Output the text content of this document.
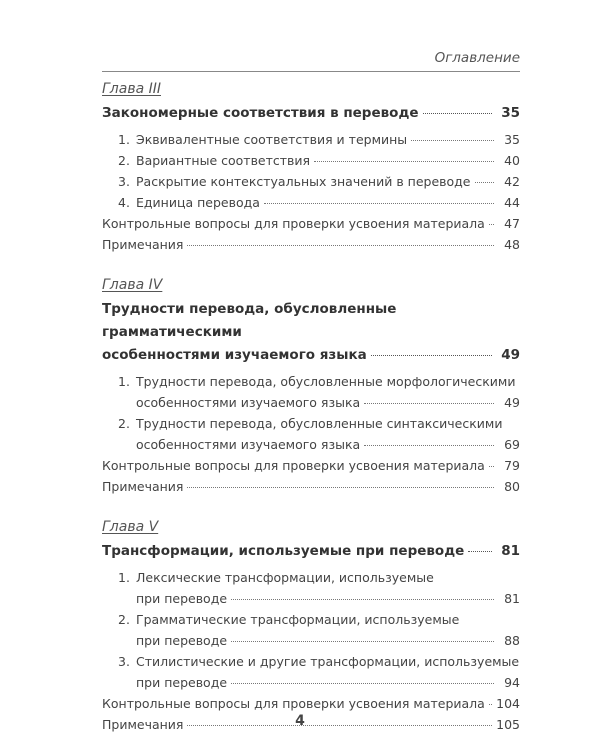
Оглавление
Глава III
Закономерные соответствия в переводе	35
1. Эквивалентные соответствия и термины	35
2. Вариантные соответствия	40
3. Раскрытие контекстуальных значений в переводе	42
4. Единица перевода	44
Контрольные вопросы для проверки усвоения материала	47
Примечания	48
Глава IV
Трудности перевода, обусловленные грамматическими
особенностями изучаемого языка	49
1. Трудности перевода, обусловленные морфологическими
особенностями изучаемого языка	49
2. Трудности перевода, обусловленные синтаксическими
особенностями изучаемого языка	69
Контрольные вопросы для проверки усвоения материала	79
Примечания	80
Глава V
Трансформации, используемые при переводе	81
1. Лексические трансформации, используемые
при переводе	81
2. Грамматические трансформации, используемые
при переводе	88
3. Стилистические и другие трансформации, используемые
при переводе	94
Контрольные вопросы для проверки усвоения материала 104
Примечания	105
4
